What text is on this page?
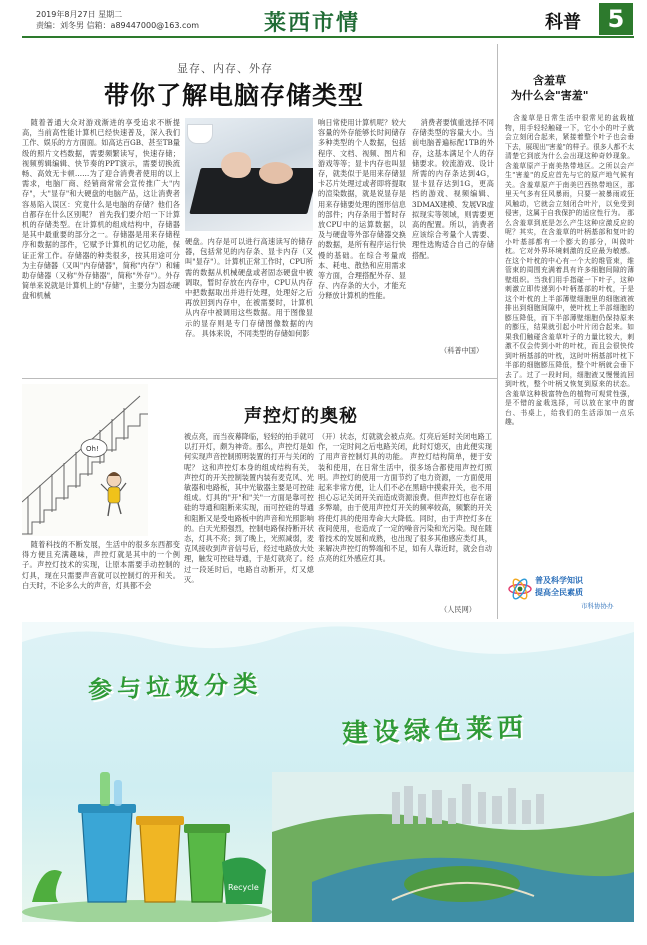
2019年8月27日 星期二
责编：刘冬男 信箱：a89447000@163.com	莱西市情	科普	5
显存、内存、外存
带你了解电脑存储类型
随着普通大众对游戏渐进的享受追求不断提高，当前高性能计算机已经快速普及，深入我们工作、娱乐的方方面面。如高达百GB、甚至TB量级的照片文档数据，需要频繁读写，快速存储；视频剪辑编辑、快节奏的PPT演示，需要切换流畅、高效无卡顿……为了迎合消费者使用的以上需求，电脑厂商、经销商常常会宣传推广大"内存"，大"显存"和大硬盘的电脑产品，这让消费者容易陷入误区：究竟什么是电脑的存储？他们各自都存在什么区别呢？ 首先我们要介绍一下计算机的存储类型。在计算机的组成结构中，存储器是其中最重要的部分之一。存储器是用来存储程序和数据的部件，它赋予计算机的记忆功能，保证正常工作。存储器的种类很多，按其用途可分为主存储器（又叫"内存储器"，简称"内存"）和辅助存储器（又称"外存储器"，简称"外存"）。外存简单来说就是计算机上的"存储"，主要分为固态硬盘和机械
硬盘。内存是可以进行高速读写的储存器，包括常见的内存条、显卡内存（又叫"显存"）。计算机正常工作时，CPU所需的数据从机械硬盘或者固态硬盘中被调取，暂时存放在内存中，CPU从内存中把数据取出并进行处理，处理好之后再放回到内存中，在被需要时，计算机从内存中被调用这些数据。用于图像显示的显存则是专门存储图像数据的内存。 具体来说，不同类型的存储如何影
响日常使用计算机呢？较大容量的外存能够长时间储存多种类型的个人数据，包括程序、文档、视频、图片和游戏等等；显卡内存也叫显存，就类似于是用来存储显卡芯片处理过或者即将提取的渲染数据，就是说显存是用来存储要处理的图形信息的部件；内存条用于暂时存放CPU中的运算数据，以及与硬盘等外部存储器交换的数据，是所有程序运行快慢的基础。在综合考量成本、耗电、散热和应用需求等方面，合理搭配外存、显存、内存条的大小，才能充分释放计算机的性能。
消费者要慎重选择不同存储类型的容量大小。当前电脑普遍标配1TB的外存，这基本满足个人的存储要求。较流游戏、设计所需的内存条达到4G，显卡显存达到1G，更高档的游戏、视频编辑、3DMAX建模、发展VR虚拟现实等领域，则需要更高的配置。所以，消费者应该综合考量个人需要、理性选购适合自己的存储搭配。
（科普中国）
含羞草
为什么会"害羞"
含羞草是日常生活中很常见的盆栽植物，用手轻轻触碰一下，它小小的叶子就会立刻闭合起来，紧接着整个叶子也会垂下去，展现出"害羞"的样子。很多人都不太清楚它到底为什么会出现这种奇妙现象。 含羞草原产于南美热带地区。之所以会产生"害羞"的反应首先与它的原产地气候有关。含羞草原产于南美巴西热带地区，那里天气多有狂风暴雨，只要一被暴雨或狂风触动，它就会立刻闭合叶片，以免受到侵害，这属于自我保护的适应性行为。 那么含羞草到底是怎么产生这种应激反应的呢？其实，在含羞草的叶柄基部和复叶的小叶基部都有一个膨大的部分，叫做叶枕。它对外界环境刺激的反应最为敏感。在这个叶枕的中心有一个大的维管束，维管束的周围充满着具有许多细胞间隙的薄壁组织。当我们用手指碰一下叶子，这种刺激立即传递到小叶柄基部的叶枕，于是这个叶枕的上半部薄壁细胞里的细胞液被排出到细胞间隙中，使叶枕上半部细胞的膨压降低，而下半部薄壁细胞仍保持原来的膨压，结果就引起小叶片闭合起来。如果我们触碰含羞草叶子的力量比较大，刺激不仅会传到小叶的叶枕，而且会很快传到叶柄基部的叶枕，这时叶柄基部叶枕下半部的细胞膨压降低，整个叶柄就会垂下去了。过了一段时间，细胞液又慢慢流回到叶枕，整个叶柄又恢复到原来的状态。 含羞草这种极富特色的植物可观赏性强，是不错的盆栽选择，可以放在家中的窗台、书桌上，给我们的生活添加一点乐趣。
Oh!
声控灯的奥秘
随着科技的不断发展，生活中的很多东西都变得方便且充满趣味，声控灯就是其中的一个例子。声控灯技术的实现，让原本需要手动控制的灯具，现在只需要声音就可以控制灯的开和关。白天时，不论多么大的声音，灯具都不会
被点亮，而当夜幕降临，轻轻的拍手就可以打开灯，颇为神奇。那么，声控灯是如何实现声音控制照明装置的打开与关闭的呢？ 这和声控灯本身的组成结构有关，声控灯的开关控制装置内装有麦克风、光敏器和电路板，其中光敏器主要是可控硅组成。灯具的"开"和"关"一方面是靠可控硅的导通和阻断来实现，而可控硅的导通和阻断又是受电路板中的声音和光照影响的。白天光照强烈，控制电路保持断开状态，灯具不亮；到了晚上，光照减弱，麦克风接收到声音信号后，经过电路放大处理，触发可控硅导通，于是灯就亮了。经过一段延时后，电路自动断开，灯又熄灭。
（开）状态，灯就就会被点亮。灯亮后延时关闭电路工作，一定时间之后电路关闭，此时灯熄灭，由此便实现了用声音控制灯具的功能。 声控灯结构简单，便于安装和使用，在日常生活中，很多场合都使用声控灯照明。声控灯的使用一方面节约了电力资源，一方面使用起来非常方便，让人们不必在黑暗中摸索开关，也不用担心忘记关闭开关而造成资源浪费。但声控灯也存在诸多弊端，由于使用声控灯开关的频率较高，频繁的开关将使灯具的使用寿命大大降低。同时，由于声控灯多在夜间使用，也造成了一定的噪音污染和光污染。现在随着技术的发展和成熟，也出现了很多其他感应类灯具，来解决声控灯的弊端和不足，如有人靠近时，就会自动点亮的红外感应灯具。
（人民网）
普及科学知识
提高全民素质
市科协协办
参与垃圾分类
建设绿色莱西
Recycle
